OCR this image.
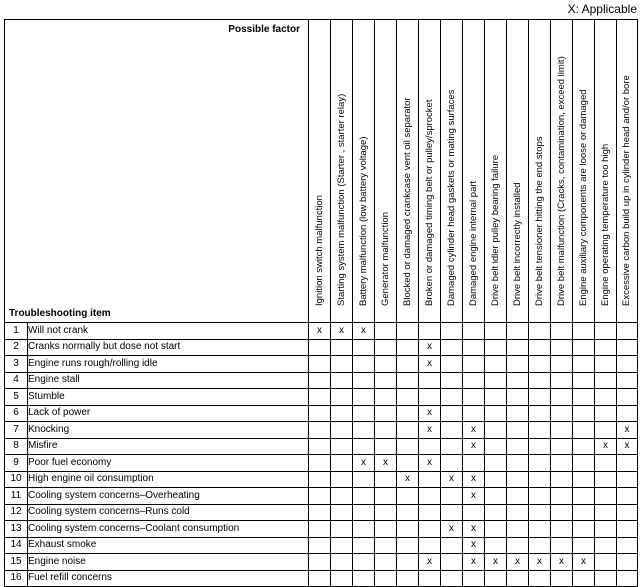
X: Applicable
Possible factor
Troubleshooting item		Ignition switch malfunction	Starting system malfunction (Starter , starter relay)	Battery malfunction (low battery voltage)	Generator malfunction	Blocked or damaged crankcase vent oil separator	Broken or damaged timing belt or pulley/sprocket	Damaged cylinder head gaskets or mating surfaces	Damaged engine internal part	Drive belt idler pulley bearing failure	Drive belt incorrectly installed	Drive belt tensioner hitting the end stops	Drive belt malfunction (Cracks, contamination, exceed limit)	Engine auxiliary components are loose or damaged	Engine operating temperature too high	Excessive carbon build up in cylinder head and/or bore

1	Will not crank	x	x	x												
2	Cranks normally but dose not start						x									
3	Engine runs rough/rolling idle						x									
4	Engine stall															
5	Stumble															
6	Lack of power						x									
7	Knocking						x		x							x
8	Misfire								x						x	x
9	Poor fuel economy			x	x		x									
10	High engine oil consumption					x		x	x							
11	Cooling system concerns–Overheating								x							
12	Cooling system concerns–Runs cold															
13	Cooling system concerns–Coolant consumption							x	x							
14	Exhaust smoke								x							
15	Engine noise						x		x	x	x	x	x	x		
16	Fuel refill concerns															
